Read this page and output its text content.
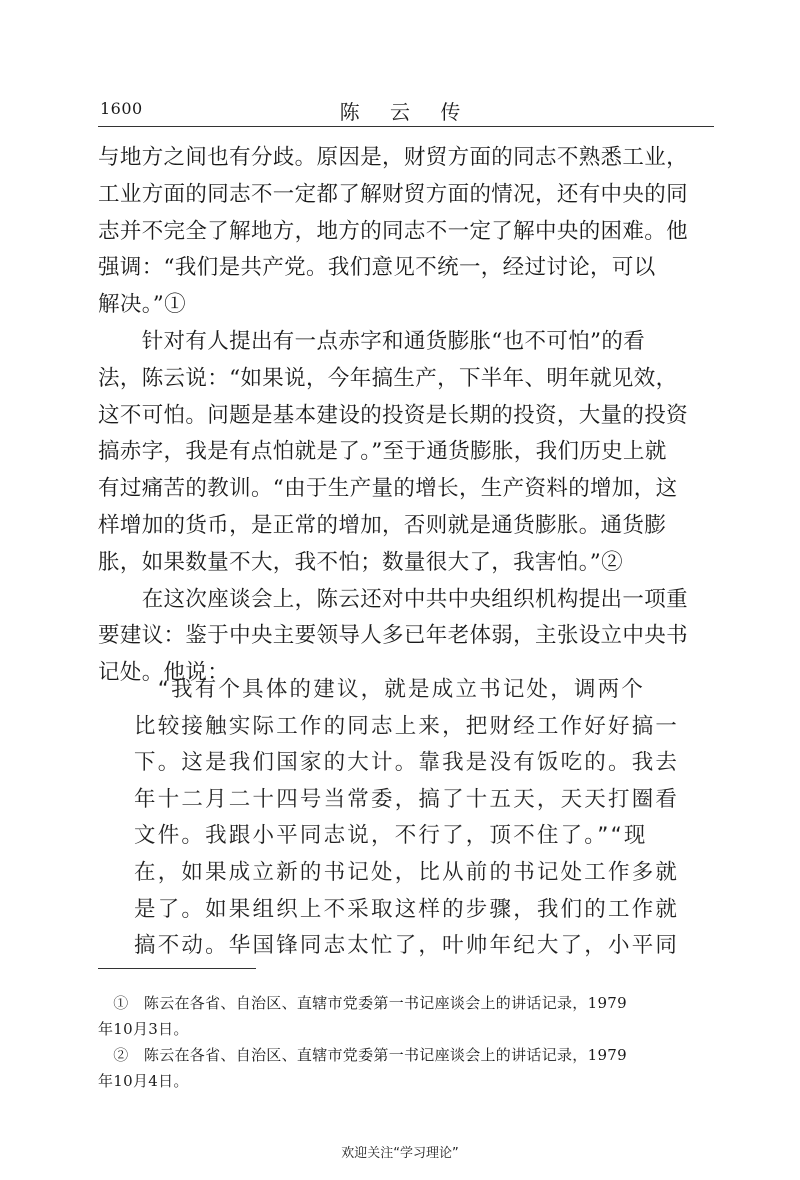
1600	陈 云 传
与地方之间也有分歧。原因是，财贸方面的同志不熟悉工业，
工业方面的同志不一定都了解财贸方面的情况，还有中央的同
志并不完全了解地方，地方的同志不一定了解中央的困难。他
强调：“我们是共产党。我们意见不统一，经过讨论，可以
解决。”①
　　针对有人提出有一点赤字和通货膨胀“也不可怕”的看
法，陈云说：“如果说，今年搞生产，下半年、明年就见效，
这不可怕。问题是基本建设的投资是长期的投资，大量的投资
搞赤字，我是有点怕就是了。”至于通货膨胀，我们历史上就
有过痛苦的教训。“由于生产量的增长，生产资料的增加，这
样增加的货币，是正常的增加，否则就是通货膨胀。通货膨
胀，如果数量不大，我不怕；数量很大了，我害怕。”②
　　在这次座谈会上，陈云还对中共中央组织机构提出一项重
要建议：鉴于中央主要领导人多已年老体弱，主张设立中央书
记处。他说：
　“我有个具体的建议，就是成立书记处，调两个
比较接触实际工作的同志上来，把财经工作好好搞一
下。这是我们国家的大计。靠我是没有饭吃的。我去
年十二月二十四号当常委，搞了十五天，天天打圈看
文件。我跟小平同志说，不行了，顶不住了。”“现
在，如果成立新的书记处，比从前的书记处工作多就
是了。如果组织上不采取这样的步骤，我们的工作就
搞不动。华国锋同志太忙了，叶帅年纪大了，小平同
　①　陈云在各省、自治区、直辖市党委第一书记座谈会上的讲话记录，1979
年10月3日。
　②　陈云在各省、自治区、直辖市党委第一书记座谈会上的讲话记录，1979
年10月4日。
欢迎关注“学习理论”
